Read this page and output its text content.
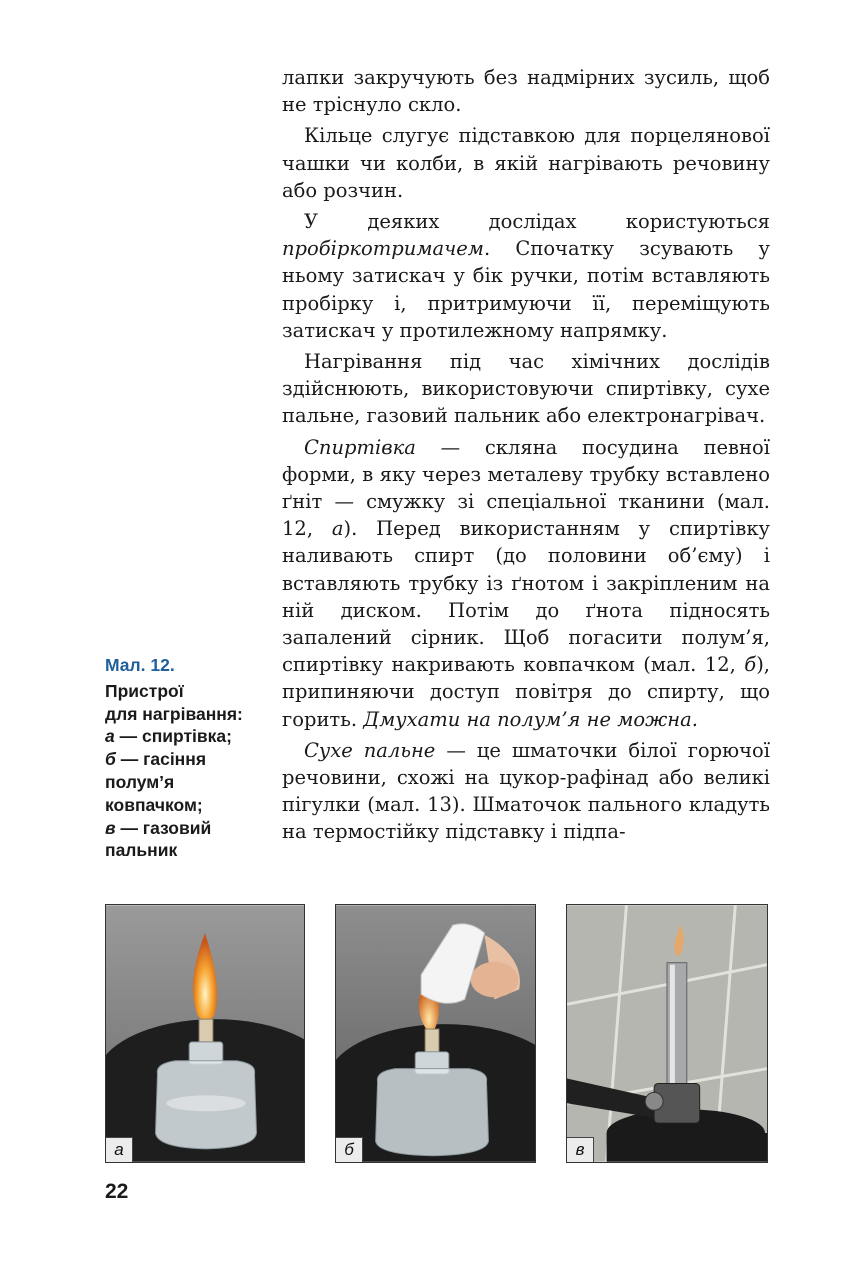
лапки закручують без надмірних зусиль, щоб не тріснуло скло.

Кільце слугує підставкою для порцелянової чашки чи колби, в якій нагрівають речовину або розчин.

У деяких дослідах користуються пробіркотримачем. Спочатку зсувають у ньому затискач у бік ручки, потім вставляють пробірку і, притримуючи її, переміщують затискач у протилежному напрямку.

Нагрівання під час хімічних дослідів здійснюють, використовуючи спиртівку, сухе пальне, газовий пальник або електронагрівач.

Спиртівка — скляна посудина певної форми, в яку через металеву трубку вставлено ґніт — смужку зі спеціальної тканини (мал. 12, а). Перед використанням у спиртівку наливають спирт (до половини об’єму) і вставляють трубку із ґнотом і закріпленим на ній диском. Потім до ґнота підносять запалений сірник. Щоб погасити полум’я, спиртівку накривають ковпачком (мал. 12, б), припиняючи доступ повітря до спирту, що горить. Дмухати на полум’я не можна.

Сухе пальне — це шматочки білої горючої речовини, схожі на цукор-рафінад або великі пігулки (мал. 13). Шматочок пального кладуть на термостійку підставку і підпа-

Мал. 12.
Пристрої
для нагрівання:
а — спиртівка;
б — гасіння
полум’я
ковпачком;
в — газовий
пальник
а	б	в
22
